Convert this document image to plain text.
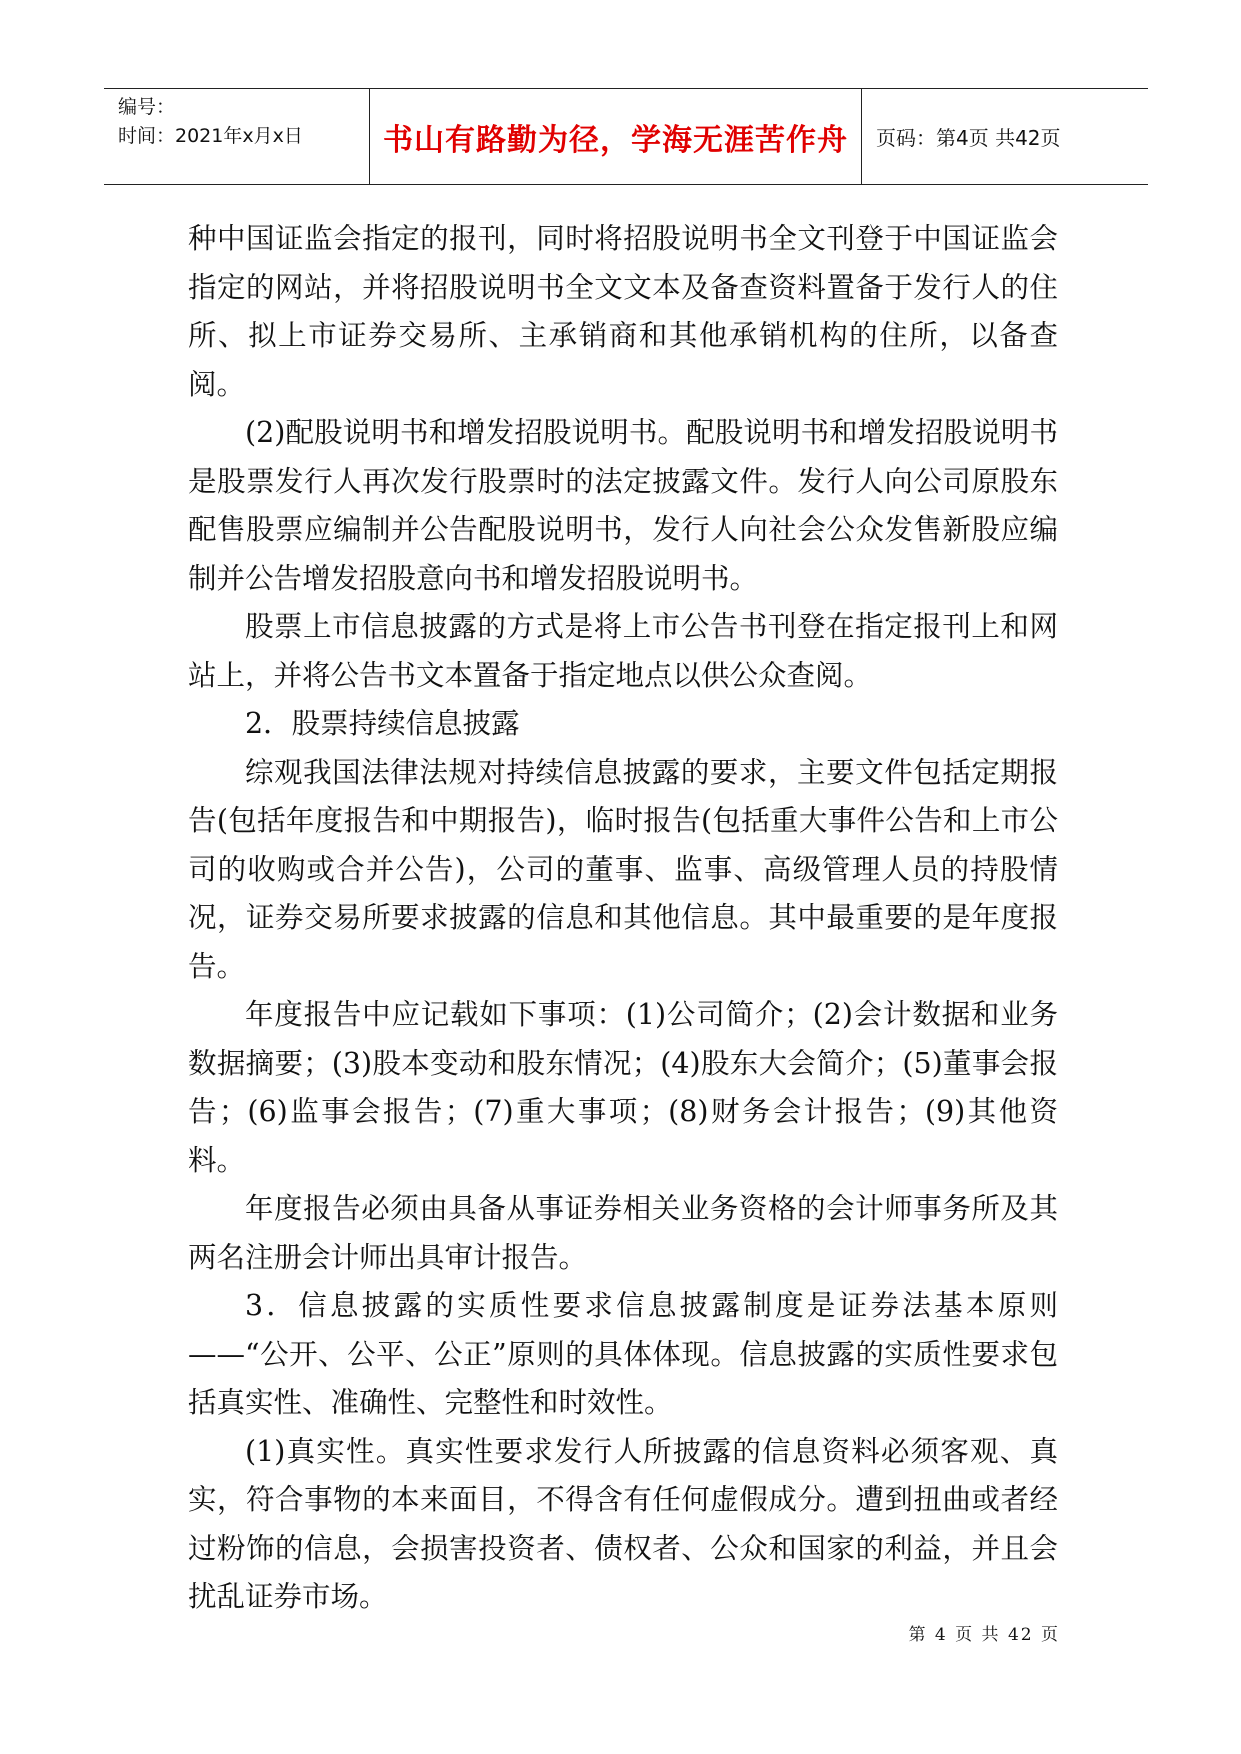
编号：
时间：2021年x月x日	书山有路勤为径，学海无涯苦作舟	页码：第4页 共42页

种中国证监会指定的报刊，同时将招股说明书全文刊登于中国证监会指定的网站，并将招股说明书全文文本及备查资料置备于发行人的住所、拟上市证券交易所、主承销商和其他承销机构的住所，以备查阅。

(2)配股说明书和增发招股说明书。配股说明书和增发招股说明书是股票发行人再次发行股票时的法定披露文件。发行人向公司原股东配售股票应编制并公告配股说明书，发行人向社会公众发售新股应编制并公告增发招股意向书和增发招股说明书。

股票上市信息披露的方式是将上市公告书刊登在指定报刊上和网站上，并将公告书文本置备于指定地点以供公众查阅。

2．股票持续信息披露

综观我国法律法规对持续信息披露的要求，主要文件包括定期报告(包括年度报告和中期报告)，临时报告(包括重大事件公告和上市公司的收购或合并公告)，公司的董事、监事、高级管理人员的持股情况，证券交易所要求披露的信息和其他信息。其中最重要的是年度报告。

年度报告中应记载如下事项：(1)公司简介；(2)会计数据和业务数据摘要；(3)股本变动和股东情况；(4)股东大会简介；(5)董事会报告；(6)监事会报告；(7)重大事项；(8)财务会计报告；(9)其他资料。

年度报告必须由具备从事证券相关业务资格的会计师事务所及其两名注册会计师出具审计报告。

3．信息披露的实质性要求信息披露制度是证券法基本原则——“公开、公平、公正”原则的具体体现。信息披露的实质性要求包括真实性、准确性、完整性和时效性。

(1)真实性。真实性要求发行人所披露的信息资料必须客观、真实，符合事物的本来面目，不得含有任何虚假成分。遭到扭曲或者经过粉饰的信息，会损害投资者、债权者、公众和国家的利益，并且会扰乱证券市场。

第 4 页 共 42 页
